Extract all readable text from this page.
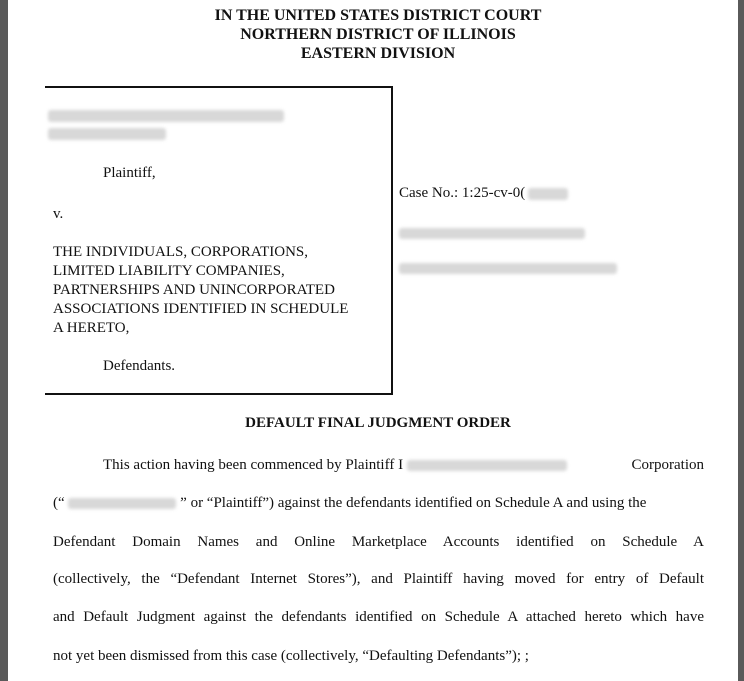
IN THE UNITED STATES DISTRICT COURT
NORTHERN DISTRICT OF ILLINOIS
EASTERN DIVISION
Plaintiff,
v.
THE INDIVIDUALS, CORPORATIONS,
LIMITED LIABILITY COMPANIES,
PARTNERSHIPS AND UNINCORPORATED
ASSOCIATIONS IDENTIFIED IN SCHEDULE
A HERETO,
Defendants.
Case No.: 1:25-cv-0(
DEFAULT FINAL JUDGMENT ORDER
This action having been commenced by Plaintiff I	Corporation
(“	” or “Plaintiff”) against the defendants identified on Schedule A and using the
Defendant Domain Names and Online Marketplace Accounts identified on Schedule A
(collectively, the “Defendant Internet Stores”), and Plaintiff having moved for entry of Default
and Default Judgment against the defendants identified on Schedule A attached hereto which have
not yet been dismissed from this case (collectively, “Defaulting Defendants”); ;
